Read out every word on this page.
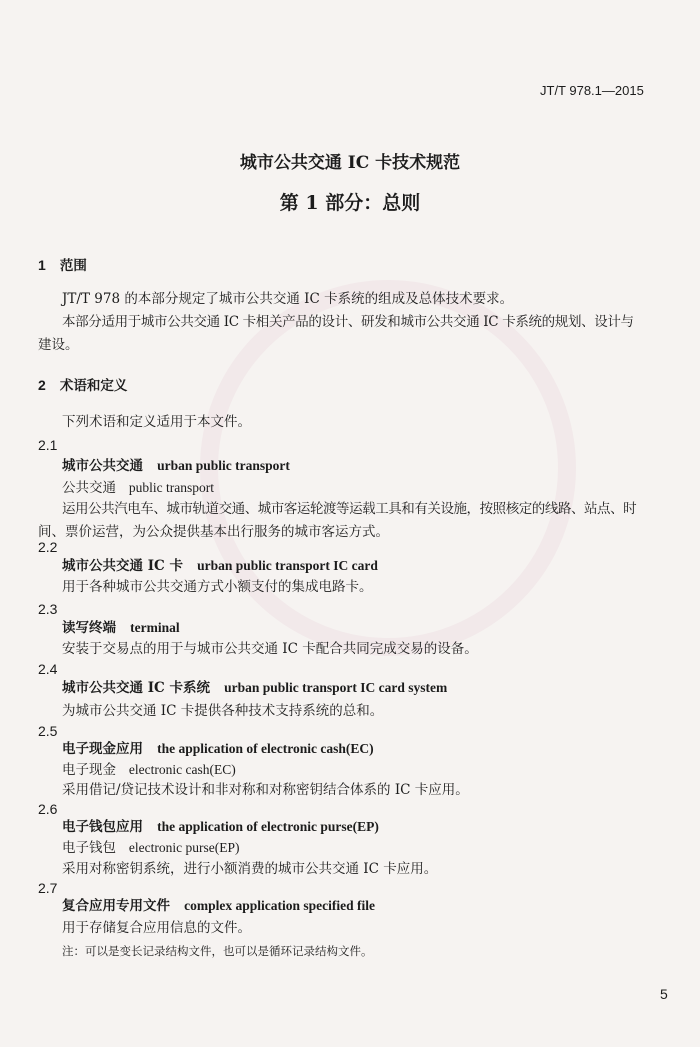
JT/T 978.1—2015
城市公共交通 IC 卡技术规范
第 1 部分：总则
1 范围
JT/T 978 的本部分规定了城市公共交通 IC 卡系统的组成及总体技术要求。
本部分适用于城市公共交通 IC 卡相关产品的设计、研发和城市公共交通 IC 卡系统的规划、设计与
建设。
2 术语和定义
下列术语和定义适用于本文件。
2.1
城市公共交通 urban public transport
公共交通 public transport
运用公共汽电车、城市轨道交通、城市客运轮渡等运载工具和有关设施，按照核定的线路、站点、时
间、票价运营，为公众提供基本出行服务的城市客运方式。
2.2
城市公共交通 IC 卡 urban public transport IC card
用于各种城市公共交通方式小额支付的集成电路卡。
2.3
读写终端 terminal
安装于交易点的用于与城市公共交通 IC 卡配合共同完成交易的设备。
2.4
城市公共交通 IC 卡系统 urban public transport IC card system
为城市公共交通 IC 卡提供各种技术支持系统的总和。
2.5
电子现金应用 the application of electronic cash(EC)
电子现金 electronic cash(EC)
采用借记/贷记技术设计和非对称和对称密钥结合体系的 IC 卡应用。
2.6
电子钱包应用 the application of electronic purse(EP)
电子钱包 electronic purse(EP)
采用对称密钥系统，进行小额消费的城市公共交通 IC 卡应用。
2.7
复合应用专用文件 complex application specified file
用于存储复合应用信息的文件。
注：可以是变长记录结构文件，也可以是循环记录结构文件。
5
